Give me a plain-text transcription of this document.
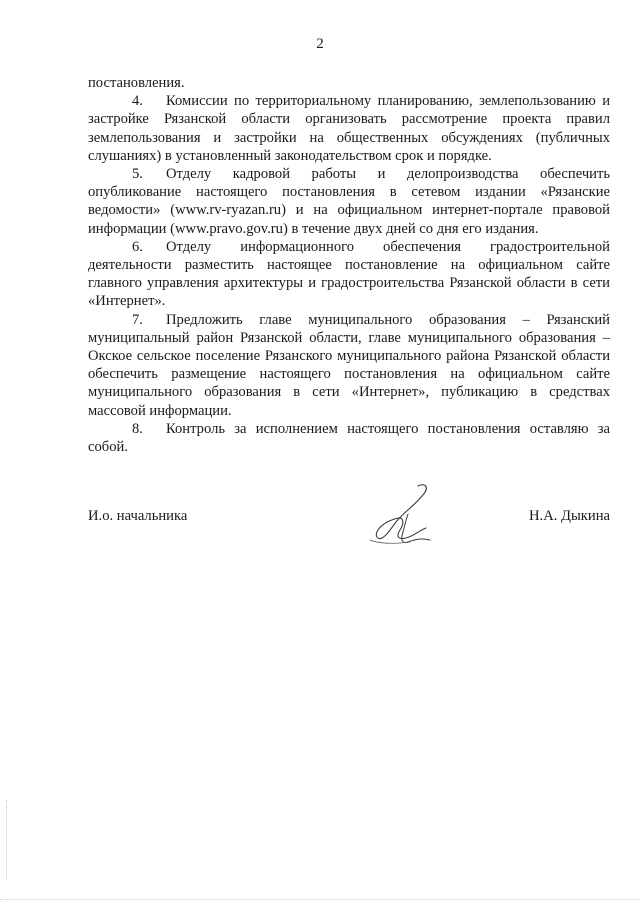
2

постановления.

4. Комиссии по территориальному планированию, землепользованию и застройке Рязанской области организовать рассмотрение проекта правил землепользования и застройки на общественных обсуждениях (публичных слушаниях) в установленный законодательством срок и порядке.

5. Отделу кадровой работы и делопроизводства обеспечить опубликование настоящего постановления в сетевом издании «Рязанские ведомости» (www.rv-ryazan.ru) и на официальном интернет-портале правовой информации (www.pravo.gov.ru) в течение двух дней со дня его издания.

6. Отделу информационного обеспечения градостроительной деятельности разместить настоящее постановление на официальном сайте главного управления архитектуры и градостроительства Рязанской области в сети «Интернет».

7. Предложить главе муниципального образования – Рязанский муниципальный район Рязанской области, главе муниципального образования – Окское сельское поселение Рязанского муниципального района Рязанской области обеспечить размещение настоящего постановления на официальном сайте муниципального образования в сети «Интернет», публикацию в средствах массовой информации.

8. Контроль за исполнением настоящего постановления оставляю за собой.

И.о. начальника	Н.А. Дыкина
